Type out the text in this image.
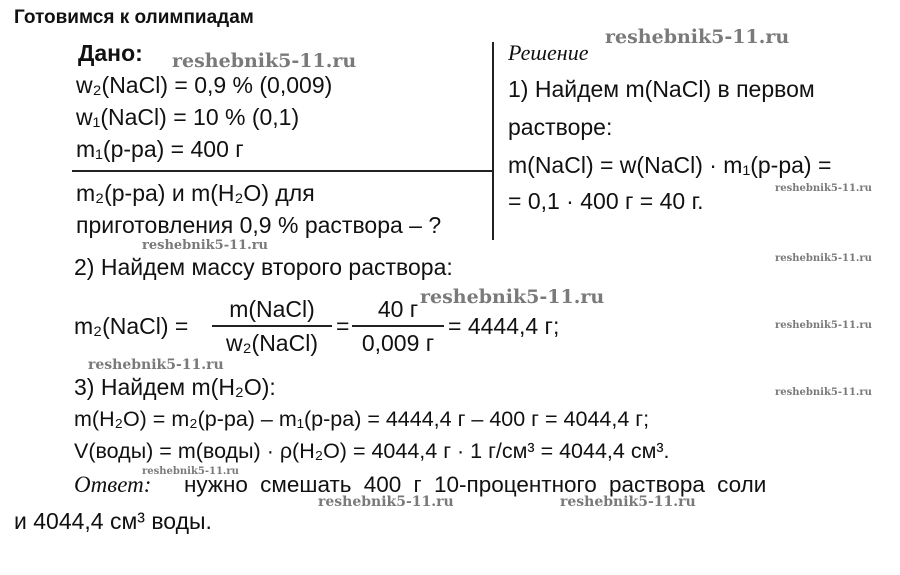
Готовимся к олимпиадам
Дано:
w₂(NaCl) = 0,9 % (0,009)
w₁(NaCl) = 10 % (0,1)
m₁(р-ра) = 400 г
m₂(р-ра) и m(H₂O) для
приготовления 0,9 % раствора – ?
Решение
1) Найдем m(NaCl) в первом
растворе:
m(NaCl) = w(NaCl) · m₁(р-ра) =
= 0,1 · 400 г = 40 г.
2) Найдем массу второго раствора:
m₂(NaCl) =
m(NaCl)
w₂(NaCl)
=
40 г
0,009 г
= 4444,4 г;
3) Найдем m(H₂O):
m(H₂O) = m₂(р-ра) – m₁(р-ра) = 4444,4 г – 400 г = 4044,4 г;
V(воды) = m(воды) · ρ(H₂O) = 4044,4 г · 1 г/см³ = 4044,4 см³.
Ответ: нужно смешать 400 г 10-процентного раствора соли
и 4044,4 см³ воды.
reshebnik5-11.ru
reshebnik5-11.ru
reshebnik5-11.ru
reshebnik5-11.ru	reshebnik5-11.ru
reshebnik5-11.ru
reshebnik5-11.ru
reshebnik5-11.ru
reshebnik5-11.ru
reshebnik5-11.ru
reshebnik5-11.ru
reshebnik5-11.ru
